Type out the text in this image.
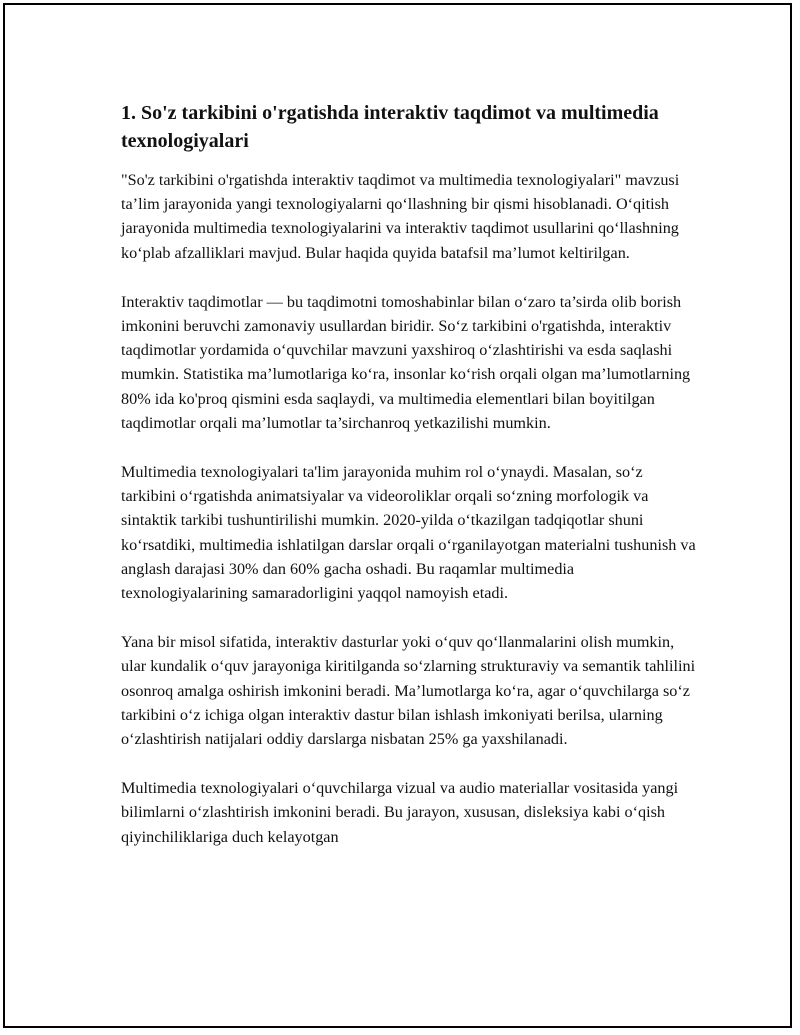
1. So'z tarkibini o'rgatishda interaktiv taqdimot va multimedia texnologiyalari

"So'z tarkibini o'rgatishda interaktiv taqdimot va multimedia texnologiyalari" mavzusi ta’lim jarayonida yangi texnologiyalarni qo‘llashning bir qismi hisoblanadi. O‘qitish jarayonida multimedia texnologiyalarini va interaktiv taqdimot usullarini qo‘llashning ko‘plab afzalliklari mavjud. Bular haqida quyida batafsil ma’lumot keltirilgan.

Interaktiv taqdimotlar — bu taqdimotni tomoshabinlar bilan o‘zaro ta’sirda olib borish imkonini beruvchi zamonaviy usullardan biridir. So‘z tarkibini o'rgatishda, interaktiv taqdimotlar yordamida o‘quvchilar mavzuni yaxshiroq o‘zlashtirishi va esda saqlashi mumkin. Statistika ma’lumotlariga ko‘ra, insonlar ko‘rish orqali olgan ma’lumotlarning 80% ida ko'proq qismini esda saqlaydi, va multimedia elementlari bilan boyitilgan taqdimotlar orqali ma’lumotlar ta’sirchanroq yetkazilishi mumkin.

Multimedia texnologiyalari ta'lim jarayonida muhim rol o‘ynaydi. Masalan, so‘z tarkibini o‘rgatishda animatsiyalar va videoroliklar orqali so‘zning morfologik va sintaktik tarkibi tushuntirilishi mumkin. 2020-yilda o‘tkazilgan tadqiqotlar shuni ko‘rsatdiki, multimedia ishlatilgan darslar orqali o‘rganilayotgan materialni tushunish va anglash darajasi 30% dan 60% gacha oshadi. Bu raqamlar multimedia texnologiyalarining samaradorligini yaqqol namoyish etadi.

Yana bir misol sifatida, interaktiv dasturlar yoki o‘quv qo‘llanmalarini olish mumkin, ular kundalik o‘quv jarayoniga kiritilganda so‘zlarning strukturaviy va semantik tahlilini osonroq amalga oshirish imkonini beradi. Ma’lumotlarga ko‘ra, agar o‘quvchilarga so‘z tarkibini o‘z ichiga olgan interaktiv dastur bilan ishlash imkoniyati berilsa, ularning o‘zlashtirish natijalari oddiy darslarga nisbatan 25% ga yaxshilanadi.

Multimedia texnologiyalari o‘quvchilarga vizual va audio materiallar vositasida yangi bilimlarni o‘zlashtirish imkonini beradi. Bu jarayon, xususan, disleksiya kabi o‘qish qiyinchiliklariga duch kelayotgan
